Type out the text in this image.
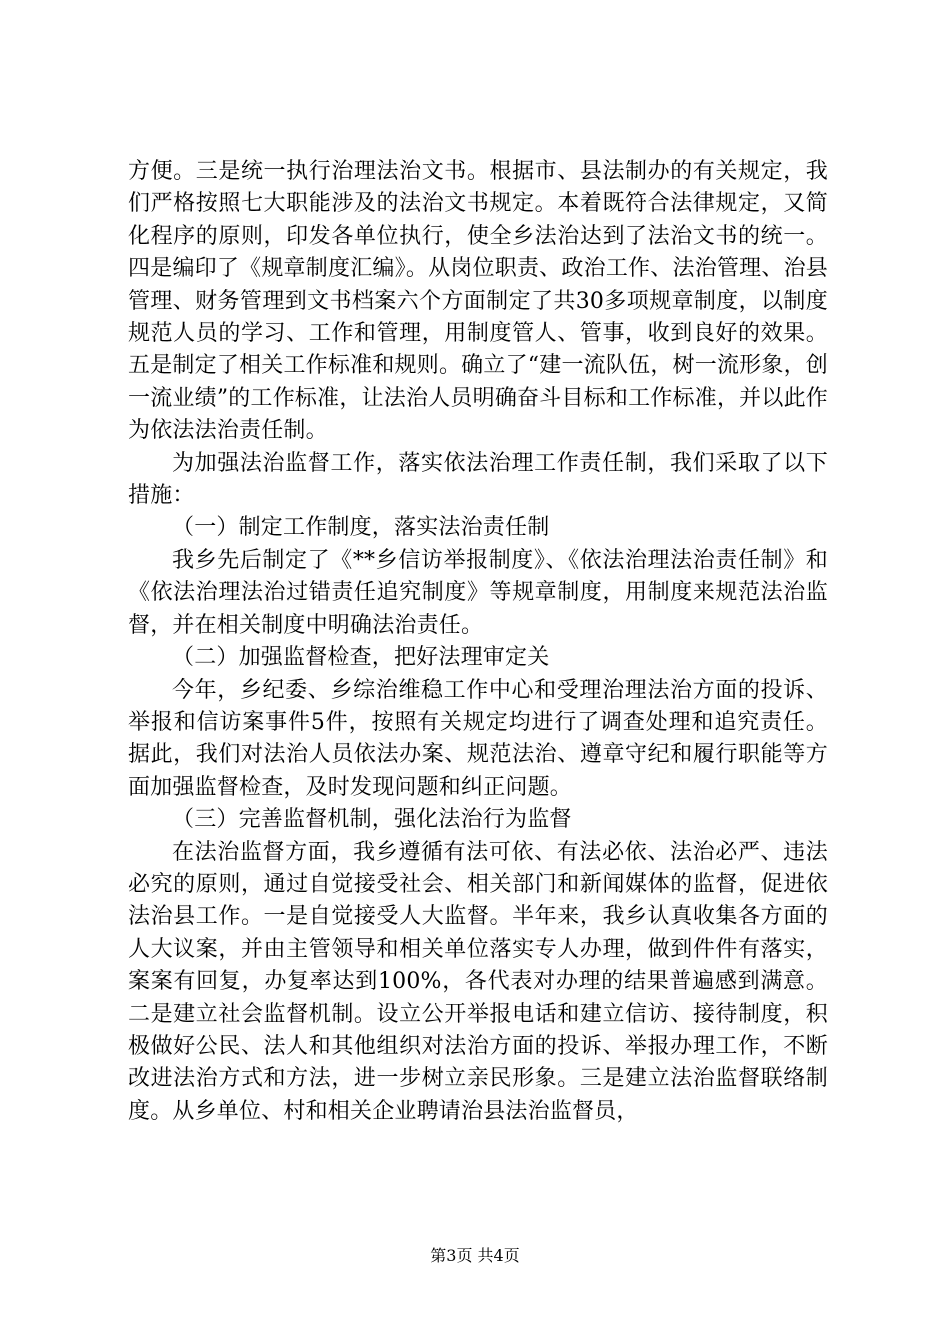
方便。三是统一执行治理法治文书。根据市、县法制办的有关规定，我们严格按照七大职能涉及的法治文书规定。本着既符合法律规定，又简化程序的原则，印发各单位执行，使全乡法治达到了法治文书的统一。四是编印了《规章制度汇编》。从岗位职责、政治工作、法治管理、治县管理、财务管理到文书档案六个方面制定了共30多项规章制度，以制度规范人员的学习、工作和管理，用制度管人、管事，收到良好的效果。五是制定了相关工作标准和规则。确立了“建一流队伍，树一流形象，创一流业绩”的工作标准，让法治人员明确奋斗目标和工作标准，并以此作为依法法治责任制。

为加强法治监督工作，落实依法治理工作责任制，我们采取了以下措施：

（一）制定工作制度，落实法治责任制

我乡先后制定了《**乡信访举报制度》、《依法治理法治责任制》和《依法治理法治过错责任追究制度》等规章制度，用制度来规范法治监督，并在相关制度中明确法治责任。

（二）加强监督检查，把好法理审定关

今年，乡纪委、乡综治维稳工作中心和受理治理法治方面的投诉、举报和信访案事件5件，按照有关规定均进行了调查处理和追究责任。据此，我们对法治人员依法办案、规范法治、遵章守纪和履行职能等方面加强监督检查，及时发现问题和纠正问题。

（三）完善监督机制，强化法治行为监督

在法治监督方面，我乡遵循有法可依、有法必依、法治必严、违法必究的原则，通过自觉接受社会、相关部门和新闻媒体的监督，促进依法治县工作。一是自觉接受人大监督。半年来，我乡认真收集各方面的人大议案，并由主管领导和相关单位落实专人办理，做到件件有落实，案案有回复，办复率达到100%，各代表对办理的结果普遍感到满意。二是建立社会监督机制。设立公开举报电话和建立信访、接待制度，积极做好公民、法人和其他组织对法治方面的投诉、举报办理工作，不断改进法治方式和方法，进一步树立亲民形象。三是建立法治监督联络制度。从乡单位、村和相关企业聘请治县法治监督员，

第3页 共4页
